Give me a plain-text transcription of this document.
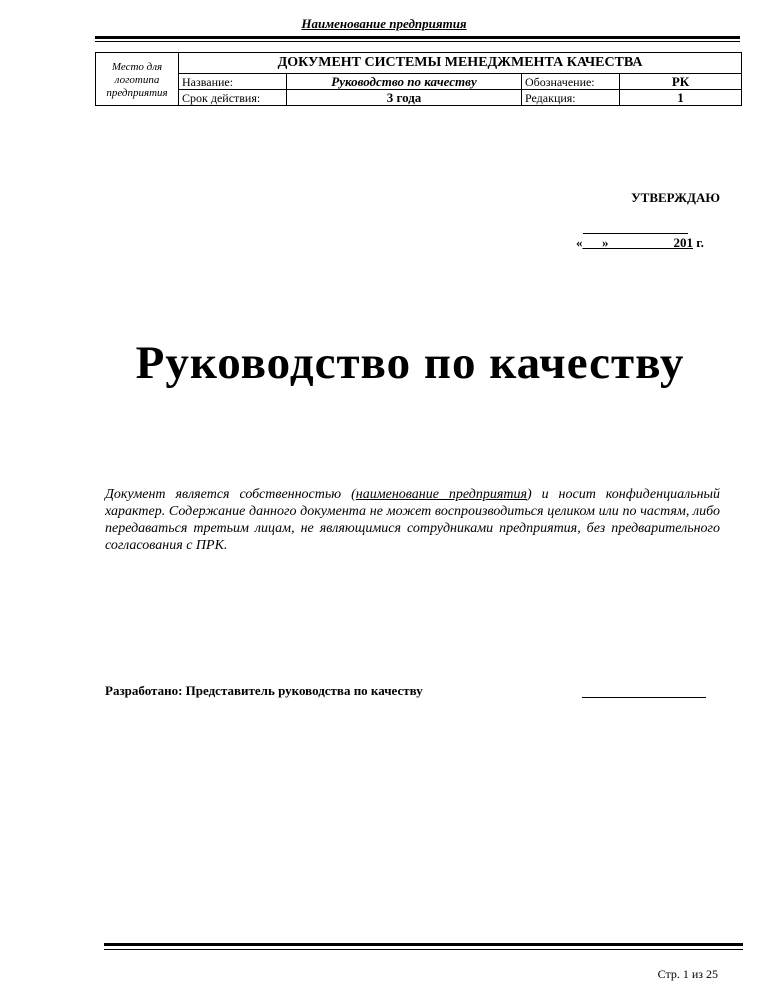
Наименование предприятия
Место для логотипа предприятия	ДОКУМЕНТ СИСТЕМЫ МЕНЕДЖМЕНТА КАЧЕСТВА			
	Название:	Руководство по качеству	Обозначение:	РК
	Срок действия:	3 года	Редакция:	1
УТВЕРЖДАЮ
«___»__________201 г.
Руководство по качеству
Документ является собственностью (наименование предприятия) и носит конфиденциальный характер. Содержание данного документа не может воспроизводиться целиком или по частям, либо передаваться третьим лицам, не являющимися сотрудниками предприятия, без предварительного согласования с ПРК.
Разработано: Представитель руководства по качеству
Стр. 1 из 25
